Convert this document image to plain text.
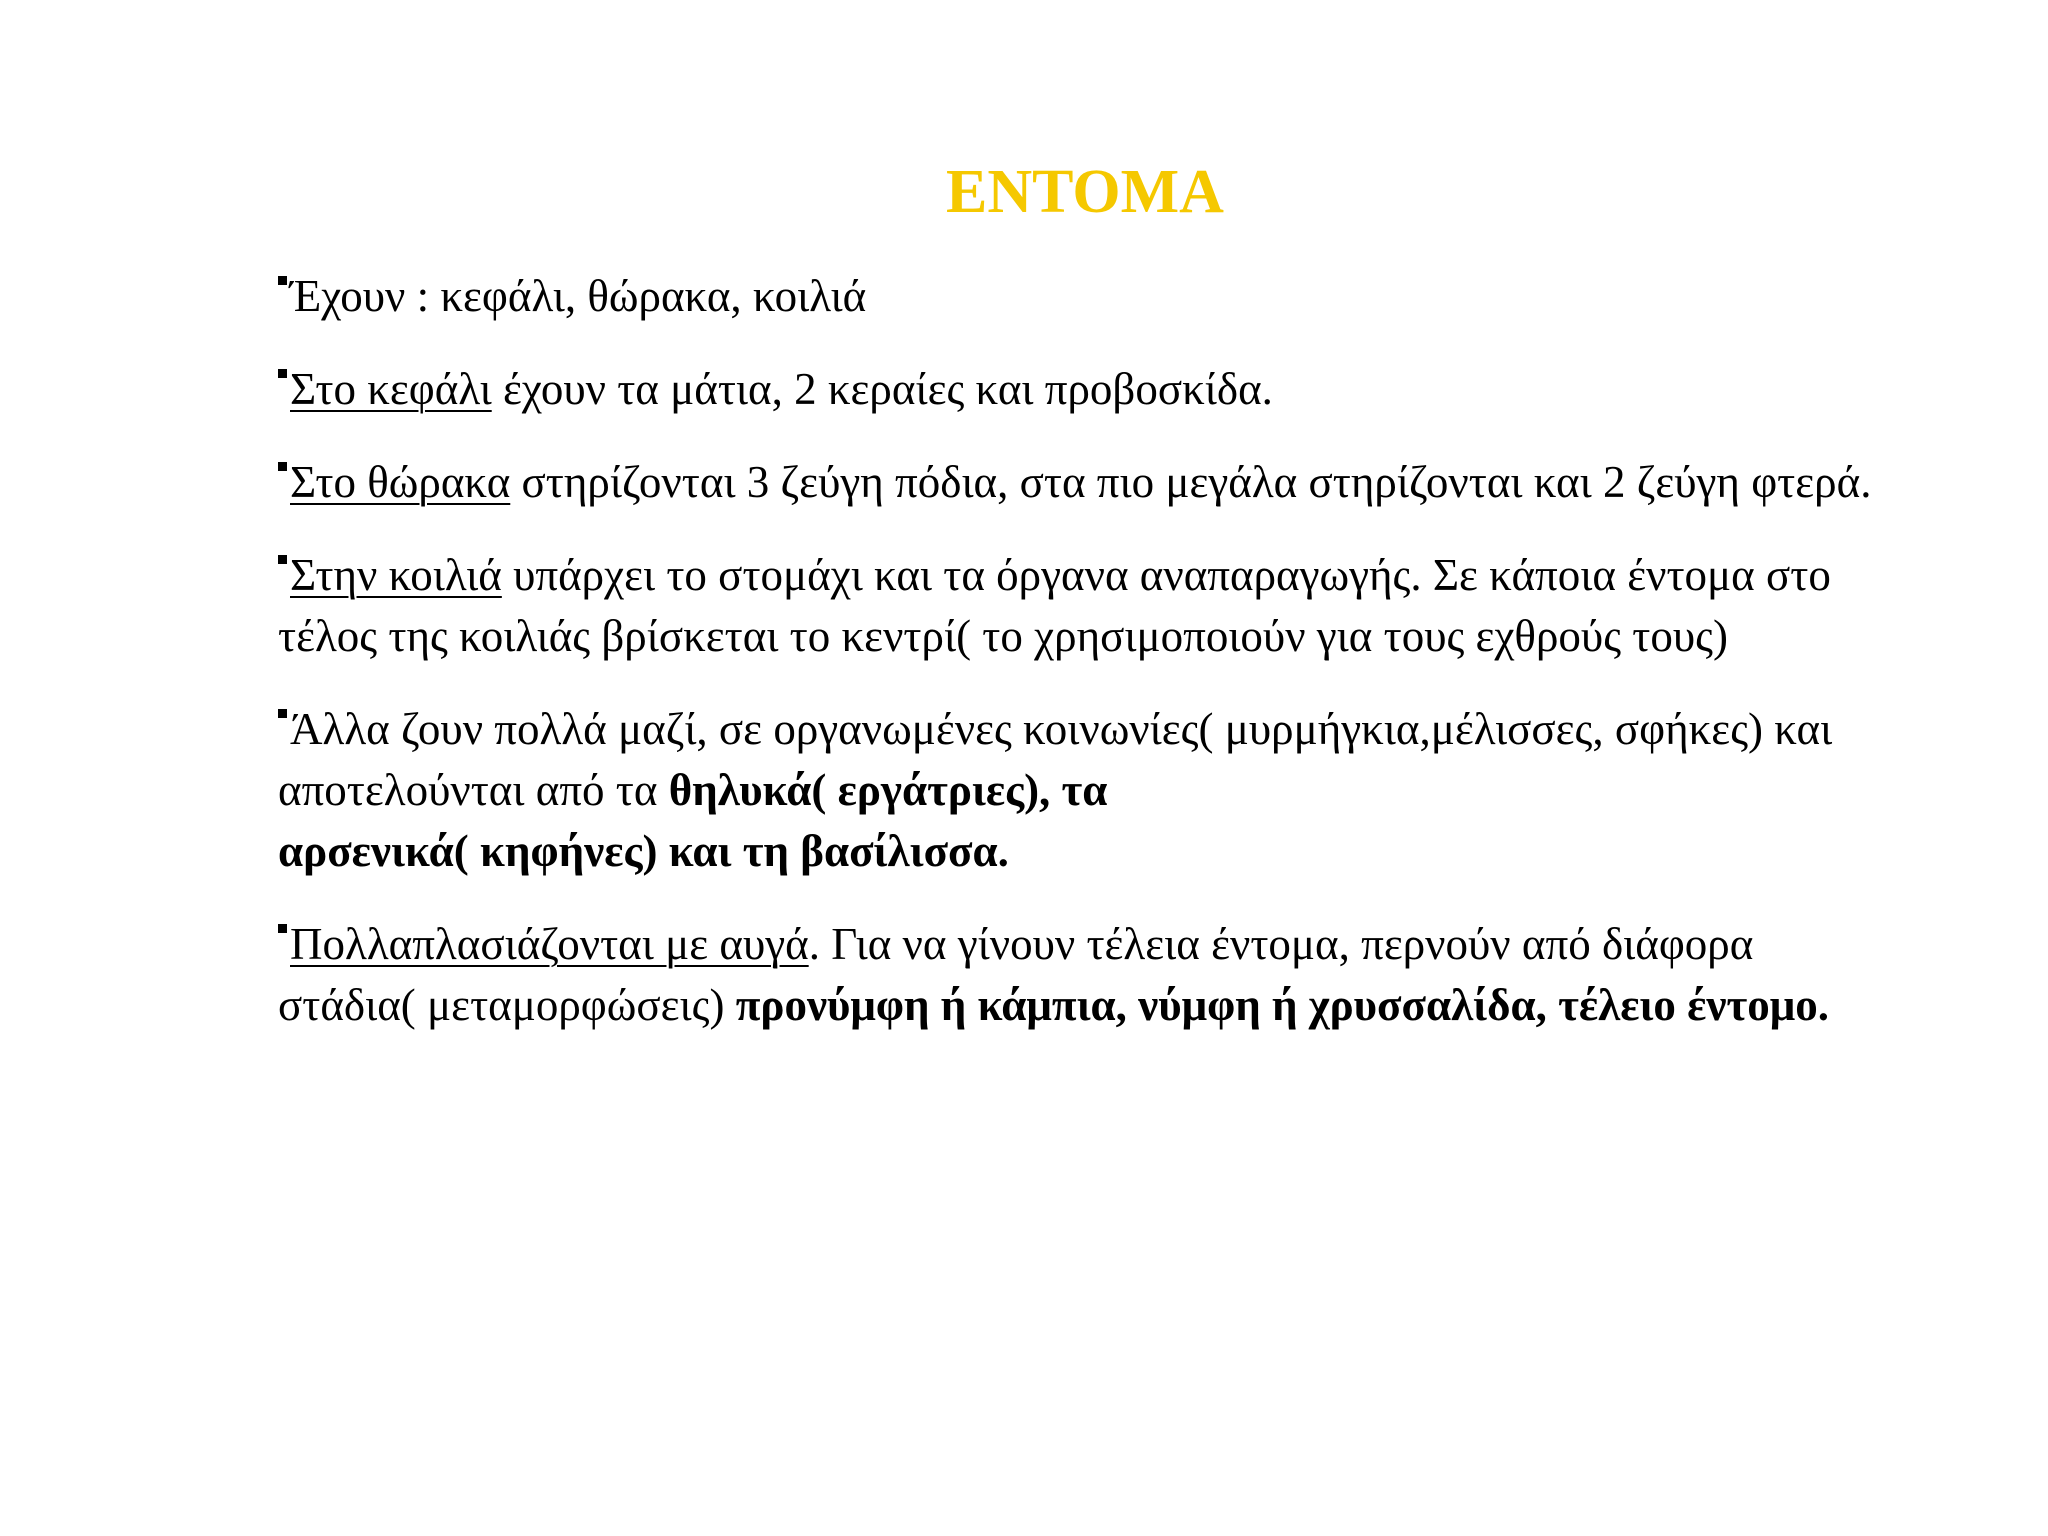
ΕΝΤΟΜΑ
Έχουν : κεφάλι, θώρακα, κοιλιά
Στο κεφάλι έχουν τα μάτια, 2 κεραίες και προβοσκίδα.
Στο θώρακα στηρίζονται 3 ζεύγη πόδια, στα πιο μεγάλα στηρίζονται και 2 ζεύγη φτερά.
Στην κοιλιά υπάρχει το στομάχι και τα όργανα αναπαραγωγής. Σε κάποια έντομα στο τέλος της κοιλιάς βρίσκεται το κεντρί( το χρησιμοποιούν για τους εχθρούς τους)
Άλλα ζουν πολλά μαζί, σε οργανωμένες κοινωνίες( μυρμήγκια,μέλισσες, σφήκες) και αποτελούνται από τα θηλυκά( εργάτριες), τα
αρσενικά( κηφήνες) και τη βασίλισσα.
Πολλαπλασιάζονται με αυγά. Για να γίνουν τέλεια έντομα, περνούν από διάφορα στάδια( μεταμορφώσεις) προνύμφη ή κάμπια, νύμφη ή χρυσσαλίδα, τέλειο έντομο.
